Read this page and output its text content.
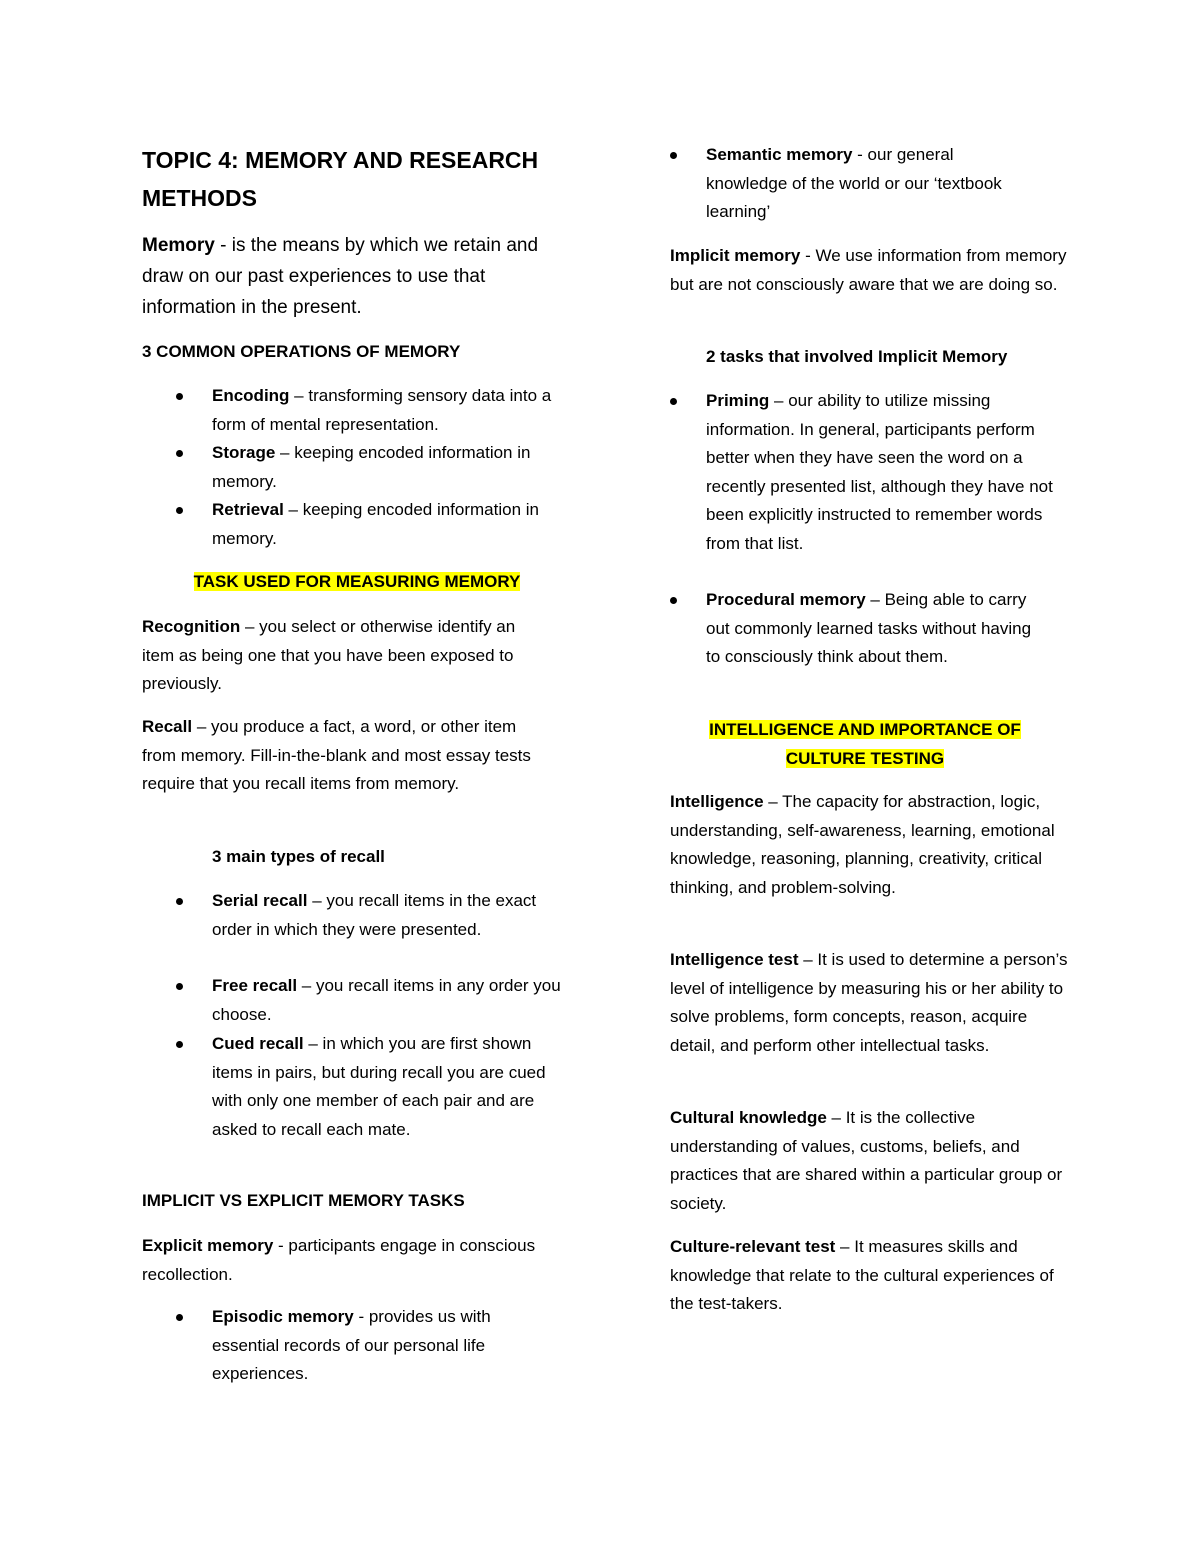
TOPIC 4: MEMORY AND RESEARCH
METHODS

Memory - is the means by which we retain and draw on our past experiences to use that information in the present.

3 COMMON OPERATIONS OF MEMORY

Encoding – transforming sensory data into a form of mental representation.
Storage – keeping encoded information in memory.
Retrieval – keeping encoded information in memory.

TASK USED FOR MEASURING MEMORY

Recognition – you select or otherwise identify an item as being one that you have been exposed to previously.

Recall – you produce a fact, a word, or other item from memory. Fill-in-the-blank and most essay tests require that you recall items from memory.

3 main types of recall

Serial recall – you recall items in the exact order in which they were presented.
Free recall – you recall items in any order you choose.
Cued recall – in which you are first shown items in pairs, but during recall you are cued with only one member of each pair and are asked to recall each mate.

IMPLICIT VS EXPLICIT MEMORY TASKS

Explicit memory - participants engage in conscious recollection.

Episodic memory - provides us with essential records of our personal life experiences.
Semantic memory - our general knowledge of the world or our ‘textbook learning’

Implicit memory - We use information from memory but are not consciously aware that we are doing so.

2 tasks that involved Implicit Memory

Priming – our ability to utilize missing information. In general, participants perform better when they have seen the word on a recently presented list, although they have not been explicitly instructed to remember words from that list.
Procedural memory – Being able to carry out commonly learned tasks without having to consciously think about them.
INTELLIGENCE AND IMPORTANCE OF
CULTURE TESTING

Intelligence – The capacity for abstraction, logic, understanding, self-awareness, learning, emotional knowledge, reasoning, planning, creativity, critical thinking, and problem-solving.

Intelligence test – It is used to determine a person’s level of intelligence by measuring his or her ability to solve problems, form concepts, reason, acquire detail, and perform other intellectual tasks.

Cultural knowledge – It is the collective understanding of values, customs, beliefs, and practices that are shared within a particular group or society.

Culture-relevant test – It measures skills and knowledge that relate to the cultural experiences of the test-takers.
